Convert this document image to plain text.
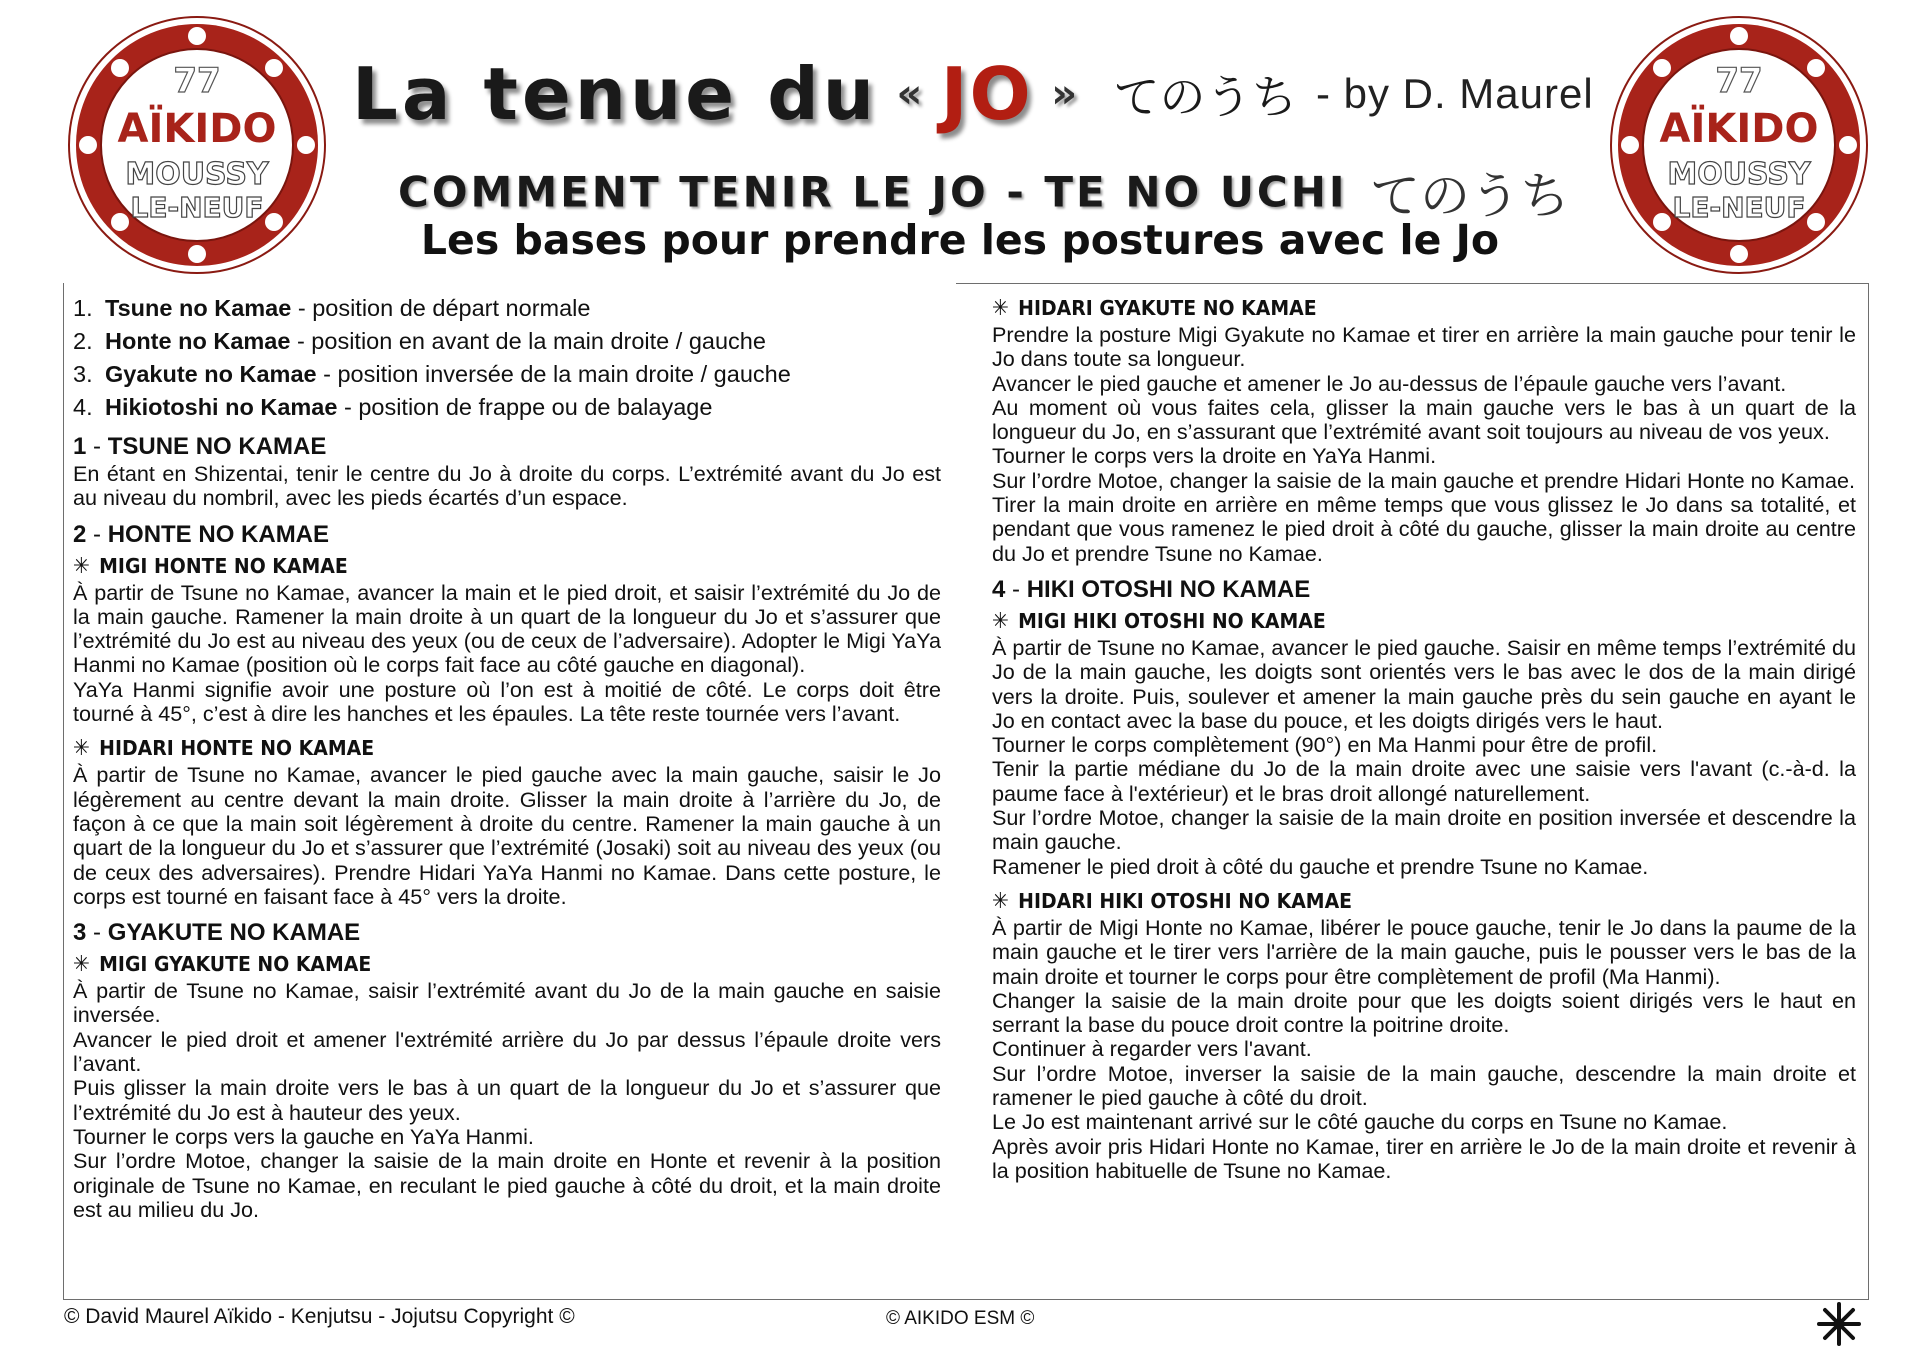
77
AÏKIDO
MOUSSY
LE-NEUF
77
AÏKIDO
MOUSSY
LE-NEUF
La tenue du « JO » てのうち - by D. Maurel
COMMENT TENIR LE JO - TE NO UCHI てのうち
Les bases pour prendre les postures avec le Jo
1. Tsune no Kamae - position de départ normale
2. Honte no Kamae - position en avant de la main droite / gauche
3. Gyakute no Kamae - position inversée de la main droite / gauche
4. Hikiotoshi no Kamae - position de frappe ou de balayage
1 - TSUNE NO KAMAE

En étant en Shizentai, tenir le centre du Jo à droite du corps. L’extrémité avant du Jo est au niveau du nombril, avec les pieds écartés d’un espace.

2 - HONTE NO KAMAE
✳ MIGI HONTE NO KAMAE

À partir de Tsune no Kamae, avancer la main et le pied droit, et saisir l’extrémité du Jo de la main gauche. Ramener la main droite à un quart de la longueur du Jo et s’assurer que l’extrémité du Jo est au niveau des yeux (ou de ceux de l’adversaire). Adopter le Migi YaYa Hanmi no Kamae (position où le corps fait face au côté gauche en diagonal).

YaYa Hanmi signifie avoir une posture où l’on est à moitié de côté. Le corps doit être tourné à 45°, c’est à dire les hanches et les épaules. La tête reste tournée vers l’avant.

✳ HIDARI HONTE NO KAMAE

À partir de Tsune no Kamae, avancer le pied gauche avec la main gauche, saisir le Jo légèrement au centre devant la main droite. Glisser la main droite à l’arrière du Jo, de façon à ce que la main soit légèrement à droite du centre. Ramener la main gauche à un quart de la longueur du Jo et s’assurer que l’extrémité (Josaki) soit au niveau des yeux (ou de ceux des adversaires). Prendre Hidari YaYa Hanmi no Kamae. Dans cette posture, le corps est tourné en faisant face à 45° vers la droite.

3 - GYAKUTE NO KAMAE
✳ MIGI GYAKUTE NO KAMAE

À partir de Tsune no Kamae, saisir l’extrémité avant du Jo de la main gauche en saisie inversée.

Avancer le pied droit et amener l'extrémité arrière du Jo par dessus l’épaule droite vers l’avant.

Puis glisser la main droite vers le bas à un quart de la longueur du Jo et s’assurer que l’extrémité du Jo est à hauteur des yeux.

Tourner le corps vers la gauche en YaYa Hanmi.

Sur l’ordre Motoe, changer la saisie de la main droite en Honte et revenir à la position originale de Tsune no Kamae, en reculant le pied gauche à côté du droit, et la main droite est au milieu du Jo.

✳ HIDARI GYAKUTE NO KAMAE

Prendre la posture Migi Gyakute no Kamae et tirer en arrière la main gauche pour tenir le Jo dans toute sa longueur.

Avancer le pied gauche et amener le Jo au-dessus de l’épaule gauche vers l’avant.

Au moment où vous faites cela, glisser la main gauche vers le bas à un quart de la longueur du Jo, en s’assurant que l’extrémité avant soit toujours au niveau de vos yeux.

Tourner le corps vers la droite en YaYa Hanmi.

Sur l’ordre Motoe, changer la saisie de la main gauche et prendre Hidari Honte no Kamae.

Tirer la main droite en arrière en même temps que vous glissez le Jo dans sa totalité, et pendant que vous ramenez le pied droit à côté du gauche, glisser la main droite au centre du Jo et prendre Tsune no Kamae.

4 - HIKI OTOSHI NO KAMAE
✳ MIGI HIKI OTOSHI NO KAMAE

À partir de Tsune no Kamae, avancer le pied gauche. Saisir en même temps l’extrémité du Jo de la main gauche, les doigts sont orientés vers le bas avec le dos de la main dirigé vers la droite. Puis, soulever et amener la main gauche près du sein gauche en ayant le Jo en contact avec la base du pouce, et les doigts dirigés vers le haut.

Tourner le corps complètement (90°) en Ma Hanmi pour être de profil.

Tenir la partie médiane du Jo de la main droite avec une saisie vers l'avant (c.-à-d. la paume face à l'extérieur) et le bras droit allongé naturellement.

Sur l’ordre Motoe, changer la saisie de la main droite en position inversée et descendre la main gauche.

Ramener le pied droit à côté du gauche et prendre Tsune no Kamae.

✳ HIDARI HIKI OTOSHI NO KAMAE

À partir de Migi Honte no Kamae, libérer le pouce gauche, tenir le Jo dans la paume de la main gauche et le tirer vers l'arrière de la main gauche, puis le pousser vers le bas de la main droite et tourner le corps pour être complètement de profil (Ma Hanmi).

Changer la saisie de la main droite pour que les doigts soient dirigés vers le haut en serrant la base du pouce droit contre la poitrine droite.

Continuer à regarder vers l'avant.

Sur l’ordre Motoe, inverser la saisie de la main gauche, descendre la main droite et ramener le pied gauche à côté du droit.

Le Jo est maintenant arrivé sur le côté gauche du corps en Tsune no Kamae.

Après avoir pris Hidari Honte no Kamae, tirer en arrière le Jo de la main droite et revenir à la position habituelle de Tsune no Kamae.

© David Maurel Aïkido - Kenjutsu - Jojutsu Copyright ©	© AIKIDO ESM ©
